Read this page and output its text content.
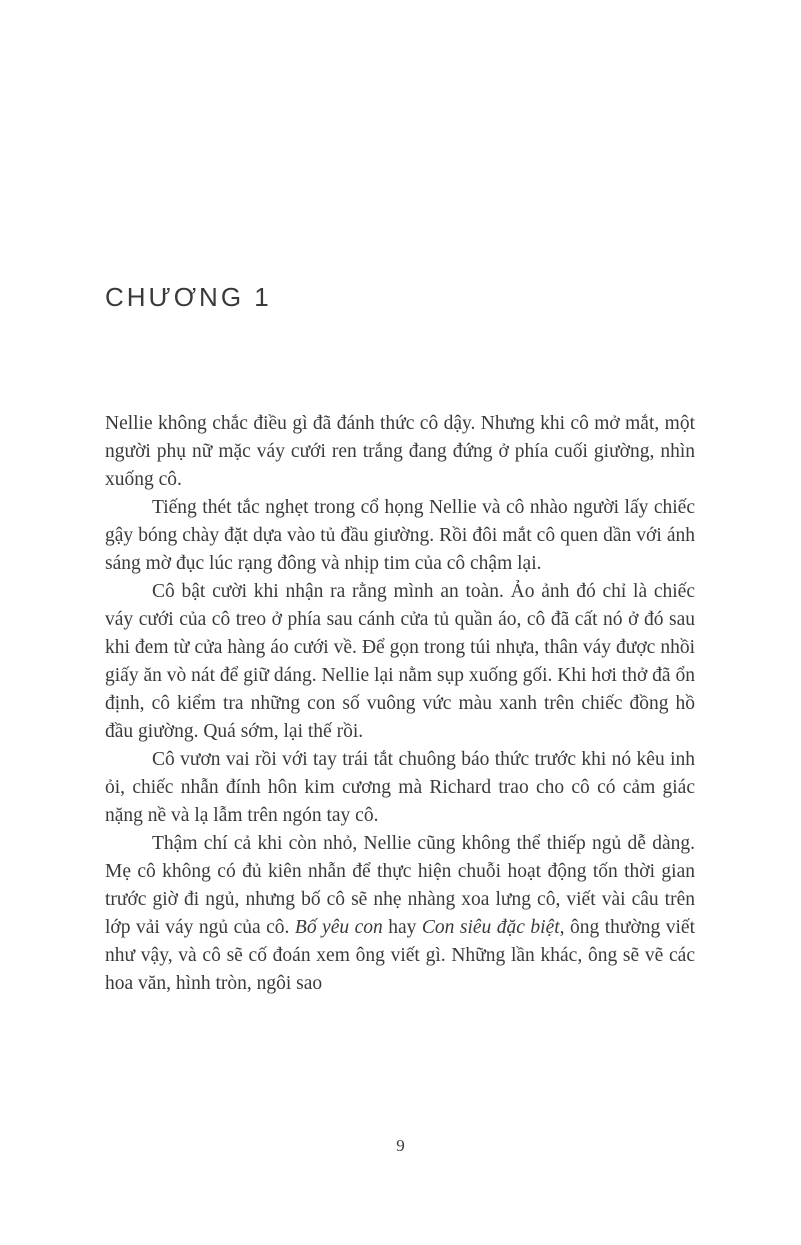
CHƯƠNG 1

Nellie không chắc điều gì đã đánh thức cô dậy. Nhưng khi cô mở mắt, một người phụ nữ mặc váy cưới ren trắng đang đứng ở phía cuối giường, nhìn xuống cô.

Tiếng thét tắc nghẹt trong cổ họng Nellie và cô nhào người lấy chiếc gậy bóng chày đặt dựa vào tủ đầu giường. Rồi đôi mắt cô quen dần với ánh sáng mờ đục lúc rạng đông và nhịp tim của cô chậm lại.

Cô bật cười khi nhận ra rằng mình an toàn. Ảo ảnh đó chỉ là chiếc váy cưới của cô treo ở phía sau cánh cửa tủ quần áo, cô đã cất nó ở đó sau khi đem từ cửa hàng áo cưới về. Để gọn trong túi nhựa, thân váy được nhồi giấy ăn vò nát để giữ dáng. Nellie lại nằm sụp xuống gối. Khi hơi thở đã ổn định, cô kiểm tra những con số vuông vức màu xanh trên chiếc đồng hồ đầu giường. Quá sớm, lại thế rồi.

Cô vươn vai rồi với tay trái tắt chuông báo thức trước khi nó kêu inh ỏi, chiếc nhẫn đính hôn kim cương mà Richard trao cho cô có cảm giác nặng nề và lạ lẫm trên ngón tay cô.

Thậm chí cả khi còn nhỏ, Nellie cũng không thể thiếp ngủ dễ dàng. Mẹ cô không có đủ kiên nhẫn để thực hiện chuỗi hoạt động tốn thời gian trước giờ đi ngủ, nhưng bố cô sẽ nhẹ nhàng xoa lưng cô, viết vài câu trên lớp vải váy ngủ của cô. Bố yêu con hay Con siêu đặc biệt, ông thường viết như vậy, và cô sẽ cố đoán xem ông viết gì. Những lần khác, ông sẽ vẽ các hoa văn, hình tròn, ngôi sao

9
